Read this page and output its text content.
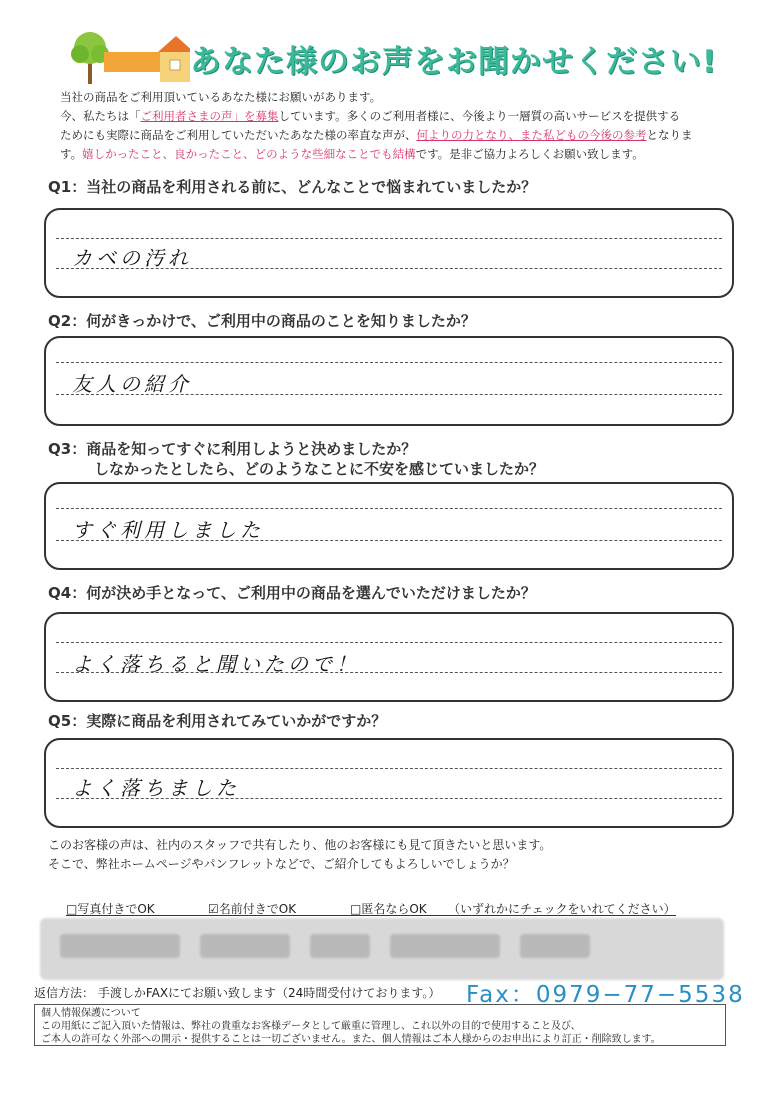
あなた様のお声をお聞かせください!

当社の商品をご利用頂いているあなた様にお願いがあります。

今、私たちは「ご利用者さまの声」を募集しています。多くのご利用者様に、今後より一層質の高いサービスを提供する

ためにも実際に商品をご利用していただいたあなた様の率直な声が、何よりの力となり、また私どもの今後の参考となりま

す。嬉しかったこと、良かったこと、どのような些細なことでも結構です。是非ご協力よろしくお願い致します。

Q1：当社の商品を利用される前に、どんなことで悩まれていましたか？
カベの汚れ
Q2：何がきっかけで、ご利用中の商品のことを知りましたか？
友人の紹介
Q3：商品を知ってすぐに利用しようと決めましたか？
しなかったとしたら、どのようなことに不安を感じていましたか？
すぐ利用しました
Q4：何が決め手となって、ご利用中の商品を選んでいただけましたか？
よく落ちると聞いたので！
Q5：実際に商品を利用されてみていかがですか？
よく落ちました

このお客様の声は、社内のスタッフで共有したり、他のお客様にも見て頂きたいと思います。

そこで、弊社ホームページやパンフレットなどで、ご紹介してもよろしいでしょうか？

□写真付きでOK	☑名前付きでOK	□匿名ならOK （いずれかにチェックをいれてください）
返信方法： 手渡しかFAXにてお願い致します（24時間受付けております。） Fax：0979−77−5538

個人情報保護について

この用紙にご記入頂いた情報は、弊社の貴重なお客様データとして厳重に管理し、これ以外の目的で使用すること及び、

ご本人の許可なく外部への開示・提供することは一切ございません。また、個人情報はご本人様からのお申出により訂正・削除致します。
